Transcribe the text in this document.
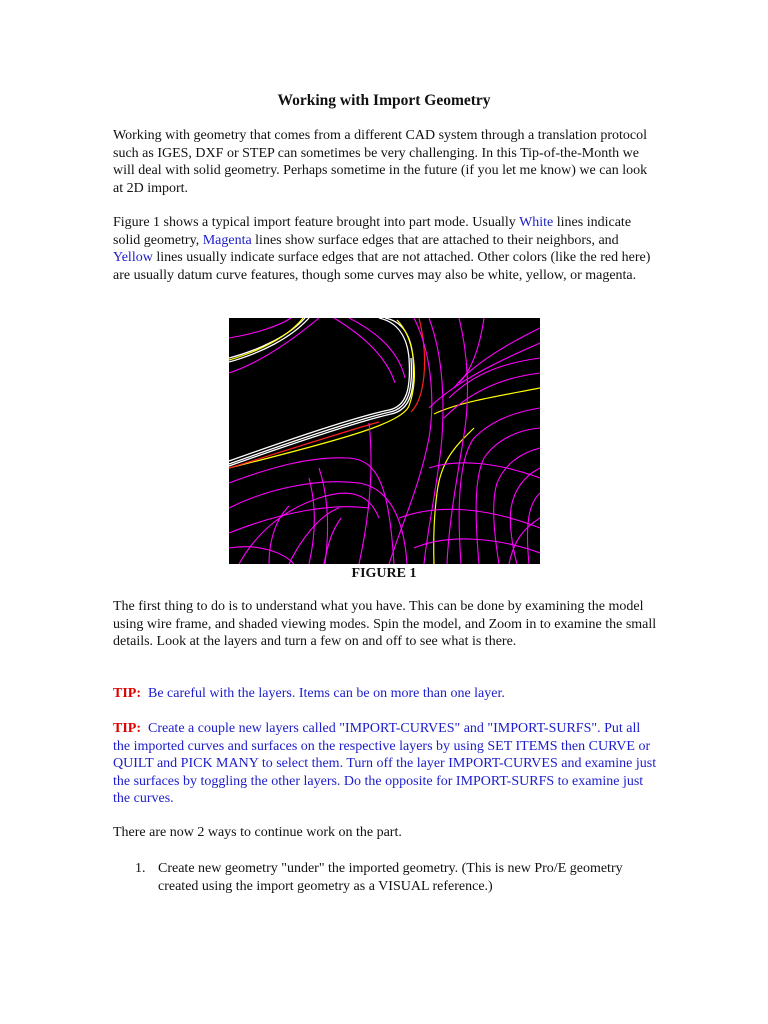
Working with Import Geometry

Working with geometry that comes from a different CAD system through a translation protocol such as IGES, DXF or STEP can sometimes be very challenging. In this Tip-of-the-Month we will deal with solid geometry. Perhaps sometime in the future (if you let me know) we can look at 2D import.

Figure 1 shows a typical import feature brought into part mode. Usually White lines indicate solid geometry, Magenta lines show surface edges that are attached to their neighbors, and Yellow lines usually indicate surface edges that are not attached. Other colors (like the red here) are usually datum curve features, though some curves may also be white, yellow, or magenta.

FIGURE 1

The first thing to do is to understand what you have. This can be done by examining the model using wire frame, and shaded viewing modes. Spin the model, and Zoom in to examine the small details. Look at the layers and turn a few on and off to see what is there.

TIP: Be careful with the layers. Items can be on more than one layer.

TIP: Create a couple new layers called "IMPORT-CURVES" and "IMPORT-SURFS". Put all the imported curves and surfaces on the respective layers by using SET ITEMS then CURVE or QUILT and PICK MANY to select them. Turn off the layer IMPORT-CURVES and examine just the surfaces by toggling the other layers. Do the opposite for IMPORT-SURFS to examine just the curves.

There are now 2 ways to continue work on the part.

1. Create new geometry "under" the imported geometry. (This is new Pro/E geometry created using the import geometry as a VISUAL reference.)
